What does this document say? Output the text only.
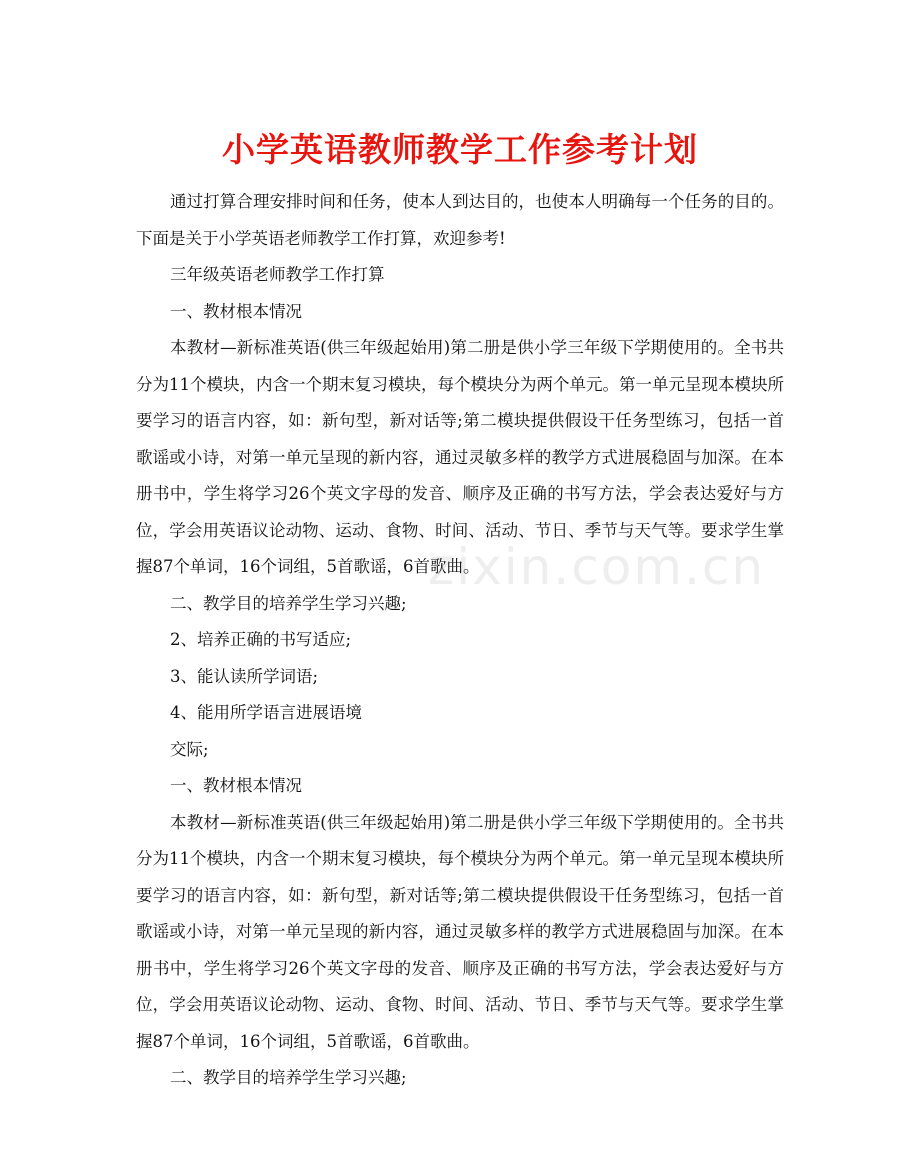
小学英语教师教学工作参考计划

通过打算合理安排时间和任务，使本人到达目的，也使本人明确每一个任务的目的。下面是关于小学英语老师教学工作打算，欢迎参考!

三年级英语老师教学工作打算

一、教材根本情况

本教材—新标准英语(供三年级起始用)第二册是供小学三年级下学期使用的。全书共分为11个模块，内含一个期末复习模块，每个模块分为两个单元。第一单元呈现本模块所要学习的语言内容，如：新句型，新对话等;第二模块提供假设干任务型练习，包括一首歌谣或小诗，对第一单元呈现的新内容，通过灵敏多样的教学方式进展稳固与加深。在本册书中，学生将学习26个英文字母的发音、顺序及正确的书写方法，学会表达爱好与方位，学会用英语议论动物、运动、食物、时间、活动、节日、季节与天气等。要求学生掌握87个单词，16个词组，5首歌谣，6首歌曲。

二、教学目的培养学生学习兴趣;

2、培养正确的书写适应;

3、能认读所学词语;

4、能用所学语言进展语境

交际;

一、教材根本情况

本教材—新标准英语(供三年级起始用)第二册是供小学三年级下学期使用的。全书共分为11个模块，内含一个期末复习模块，每个模块分为两个单元。第一单元呈现本模块所要学习的语言内容，如：新句型，新对话等;第二模块提供假设干任务型练习，包括一首歌谣或小诗，对第一单元呈现的新内容，通过灵敏多样的教学方式进展稳固与加深。在本册书中，学生将学习26个英文字母的发音、顺序及正确的书写方法，学会表达爱好与方位，学会用英语议论动物、运动、食物、时间、活动、节日、季节与天气等。要求学生掌握87个单词，16个词组，5首歌谣，6首歌曲。

二、教学目的培养学生学习兴趣;

zixin.com.cn
